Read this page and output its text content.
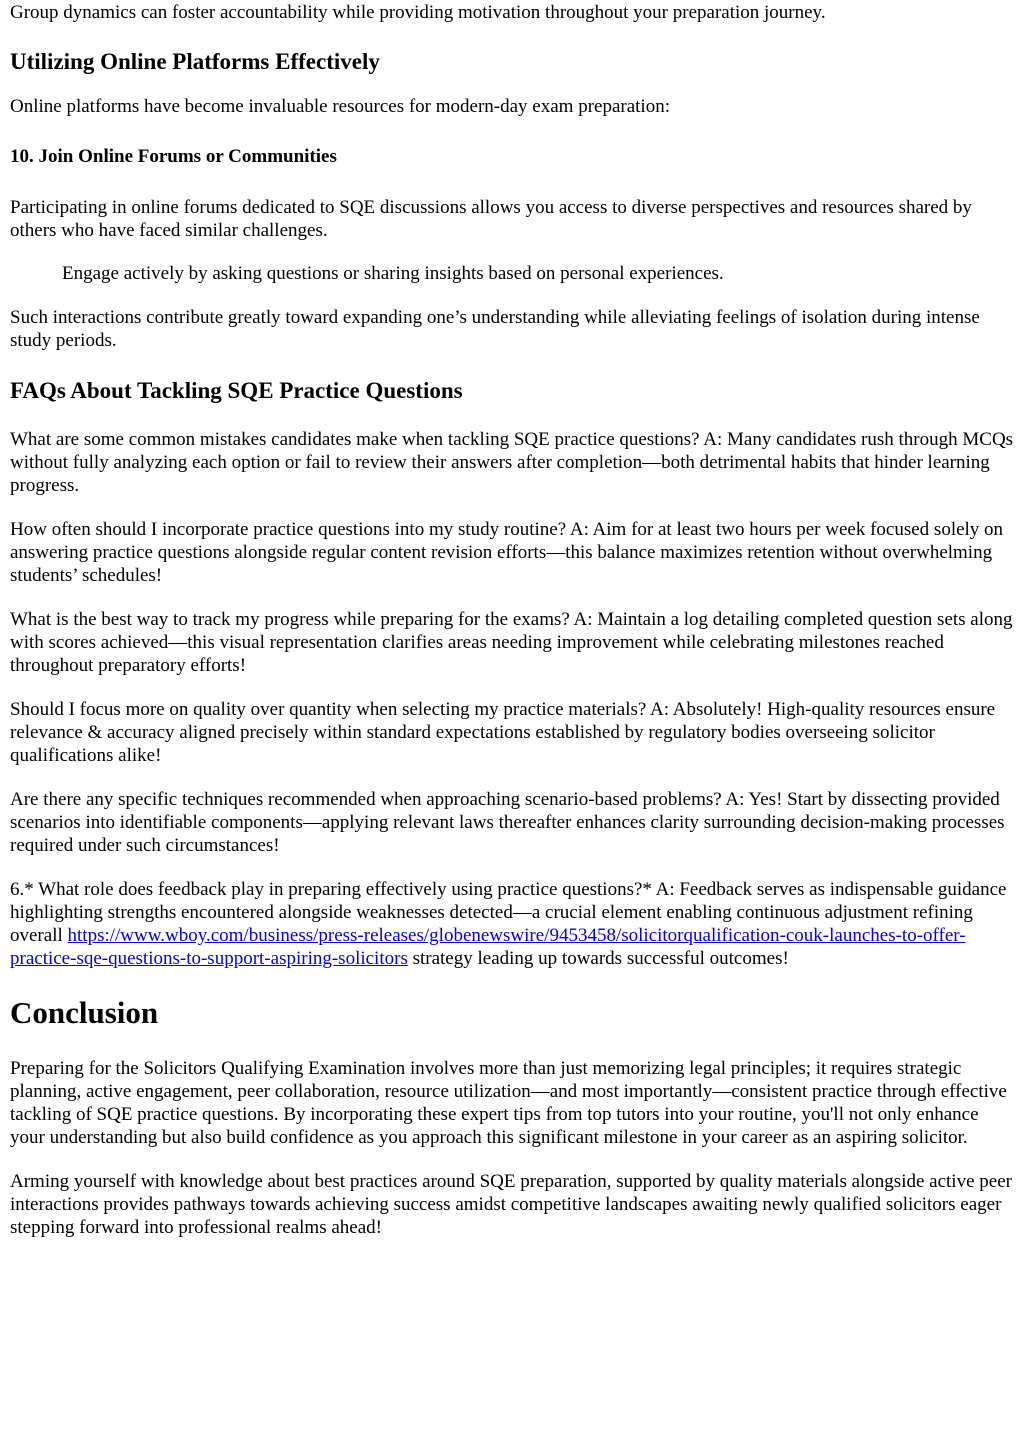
Group dynamics can foster accountability while providing motivation throughout your preparation journey.

Utilizing Online Platforms Effectively

Online platforms have become invaluable resources for modern-day exam preparation:

10. Join Online Forums or Communities

Participating in online forums dedicated to SQE discussions allows you access to diverse perspectives and resources shared by others who have faced similar challenges.

Engage actively by asking questions or sharing insights based on personal experiences.

Such interactions contribute greatly toward expanding one’s understanding while alleviating feelings of isolation during intense study periods.

FAQs About Tackling SQE Practice Questions

What are some common mistakes candidates make when tackling SQE practice questions? A: Many candidates rush through MCQs without fully analyzing each option or fail to review their answers after completion—both detrimental habits that hinder learning progress.

How often should I incorporate practice questions into my study routine? A: Aim for at least two hours per week focused solely on answering practice questions alongside regular content revision efforts—this balance maximizes retention without overwhelming students’ schedules!

What is the best way to track my progress while preparing for the exams? A: Maintain a log detailing completed question sets along with scores achieved—this visual representation clarifies areas needing improvement while celebrating milestones reached throughout preparatory efforts!

Should I focus more on quality over quantity when selecting my practice materials? A: Absolutely! High-quality resources ensure relevance & accuracy aligned precisely within standard expectations established by regulatory bodies overseeing solicitor qualifications alike!

Are there any specific techniques recommended when approaching scenario-based problems? A: Yes! Start by dissecting provided scenarios into identifiable components—applying relevant laws thereafter enhances clarity surrounding decision-making processes required under such circumstances!

6.* What role does feedback play in preparing effectively using practice questions?* A: Feedback serves as indispensable guidance highlighting strengths encountered alongside weaknesses detected—a crucial element enabling continuous adjustment refining overall https://www.wboy.com/business/press-releases/globenewswire/9453458/solicitorqualification-couk-launches-to-offer-practice-sqe-questions-to-support-aspiring-solicitors strategy leading up towards successful outcomes!

Conclusion

Preparing for the Solicitors Qualifying Examination involves more than just memorizing legal principles; it requires strategic planning, active engagement, peer collaboration, resource utilization—and most importantly—consistent practice through effective tackling of SQE practice questions. By incorporating these expert tips from top tutors into your routine, you'll not only enhance your understanding but also build confidence as you approach this significant milestone in your career as an aspiring solicitor.

Arming yourself with knowledge about best practices around SQE preparation, supported by quality materials alongside active peer interactions provides pathways towards achieving success amidst competitive landscapes awaiting newly qualified solicitors eager stepping forward into professional realms ahead!
